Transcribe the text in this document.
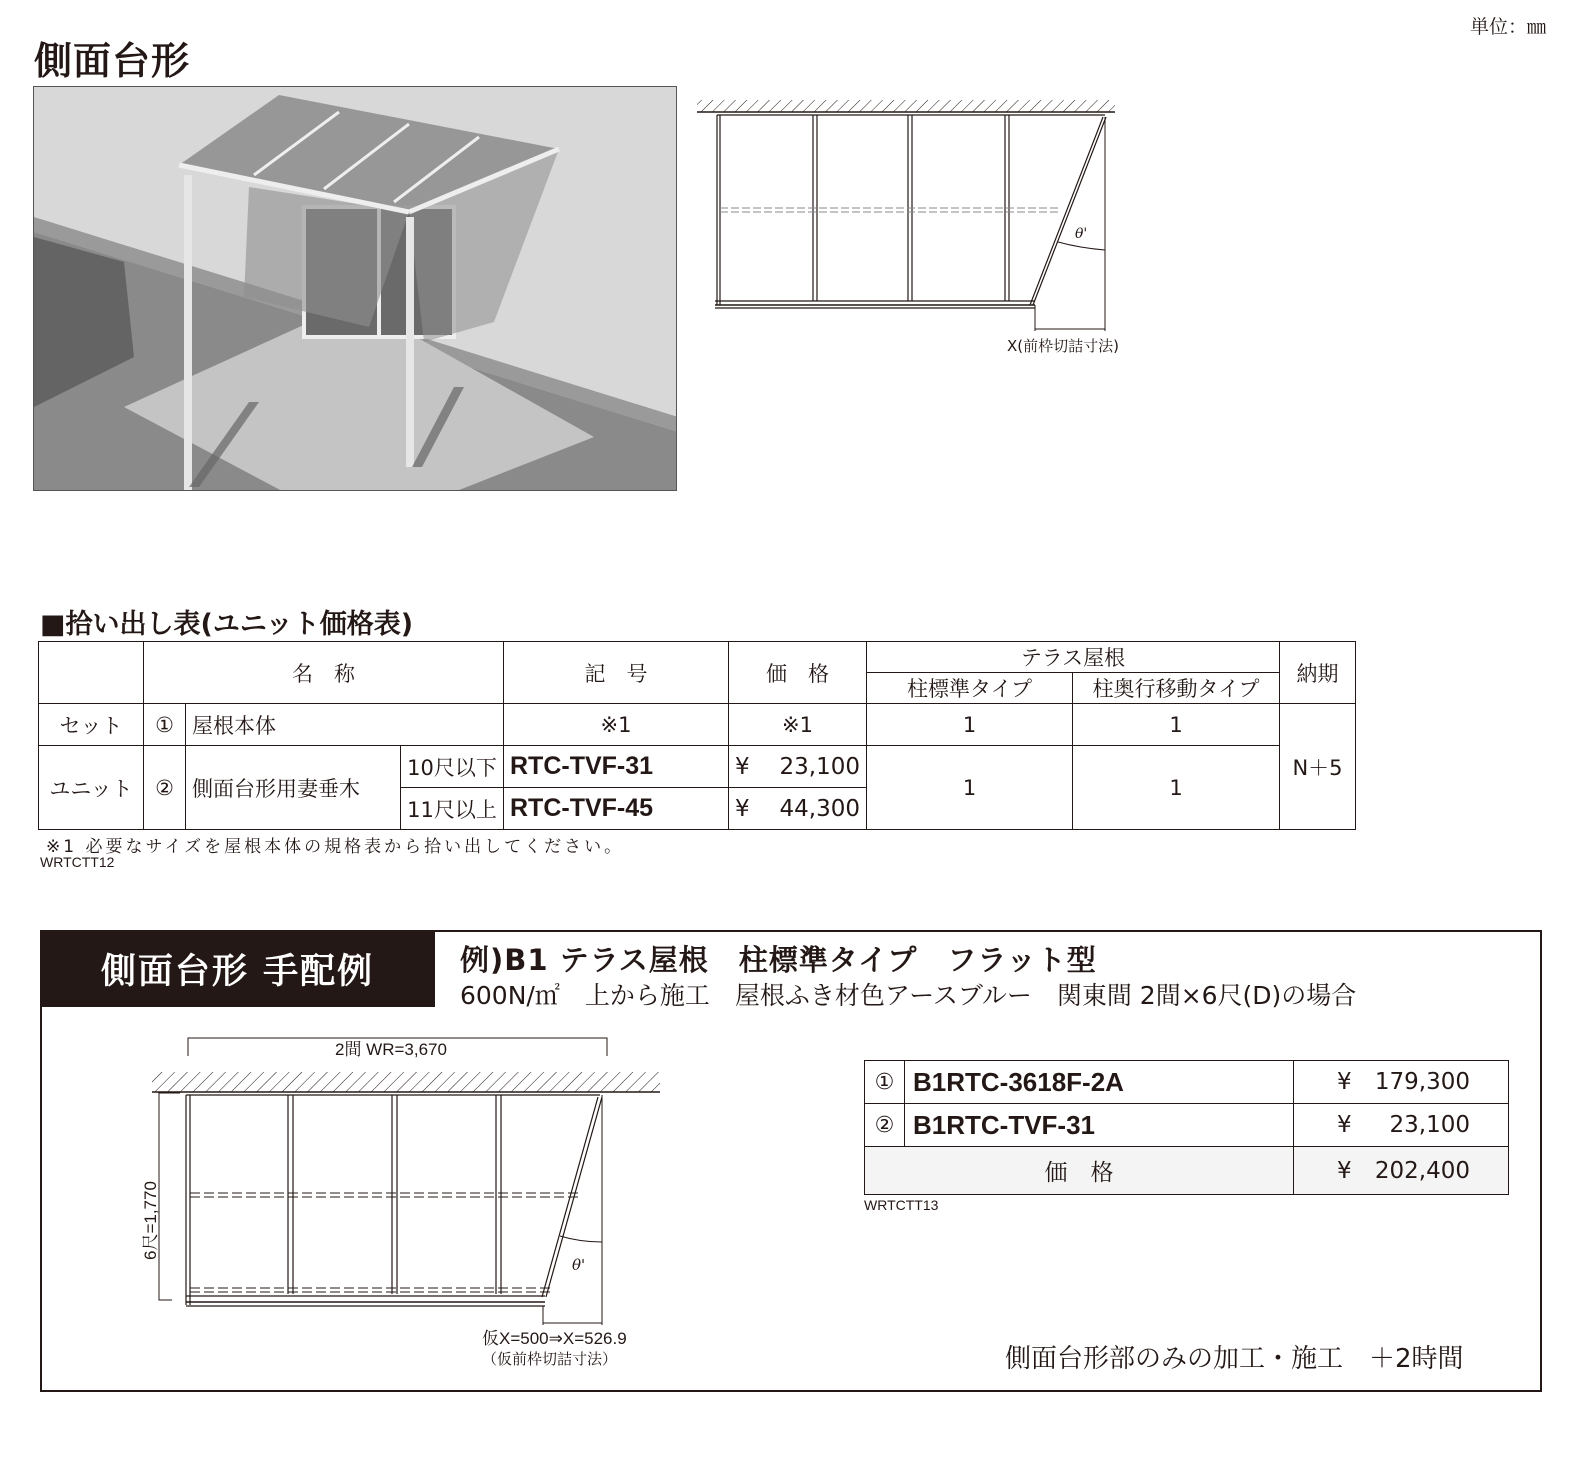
単位：㎜
側面台形
θ'
X(前枠切詰寸法)
■拾い出し表(ユニット価格表)
	名　称			記　号	価　格	テラス屋根		納期
						柱標準タイプ	柱奥行移動タイプ	
セット	①	屋根本体		※1	※1	1	1	N＋5
ユニット	②	側面台形用妻垂木	10尺以下	RTC-TVF-31	¥ 23,100	1	1	
			11尺以上	RTC-TVF-45	¥ 44,300			
※1 必要なサイズを屋根本体の規格表から拾い出してください。
WRTCTT12
側面台形 手配例	例)B1 テラス屋根　柱標準タイプ　フラット型
600N/㎡　上から施工　屋根ふき材色アースブルー　関東間 2間×6尺(D)の場合
2間 WR=3,670
6尺=1,770
θ'
仮X=500⇒X=526.9
（仮前枠切詰寸法）
①	B1RTC-3618F-2A	¥ 179,300

②	B1RTC-TVF-31	¥ 23,100

価　格		¥ 202,400
WRTCTT13
側面台形部のみの加工・施工　＋2時間
